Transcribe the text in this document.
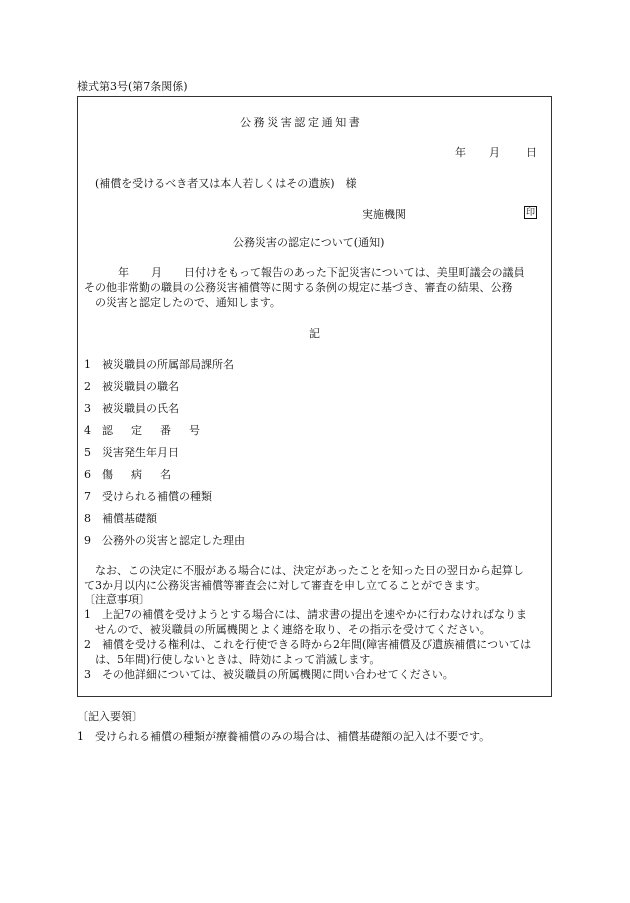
様式第3号(第7条関係)
公務災害認定通知書
年 月 日
(補償を受けるべき者又は本人若しくはその遺族)　様
実施機関	印
公務災害の認定について(通知)
年　　月　　日付けをもって報告のあった下記災害については、美里町議会の議員
その他非常勤の職員の公務災害補償等に関する条例の規定に基づき、審査の結果、公務
の災害と認定したので、通知します。
記
1 被災職員の所属部局課所名
2 被災職員の職名
3 被災職員の氏名
4 認定番号
5 災害発生年月日
6 傷病名
7 受けられる補償の種類
8 補償基礎額
9 公務外の災害と認定した理由
なお、この決定に不服がある場合には、決定があったことを知った日の翌日から起算し
て3か月以内に公務災害補償等審査会に対して審査を申し立てることができます。
〔注意事項〕
1 上記7の補償を受けようとする場合には、請求書の提出を速やかに行わなければなりま
せんので、被災職員の所属機関とよく連絡を取り、その指示を受けてください。
2 補償を受ける権利は、これを行使できる時から2年間(障害補償及び遺族補償については
は、5年間)行使しないときは、時効によって消滅します。
3 その他詳細については、被災職員の所属機関に問い合わせてください。
〔記入要領〕
1 受けられる補償の種類が療養補償のみの場合は、補償基礎額の記入は不要です。
